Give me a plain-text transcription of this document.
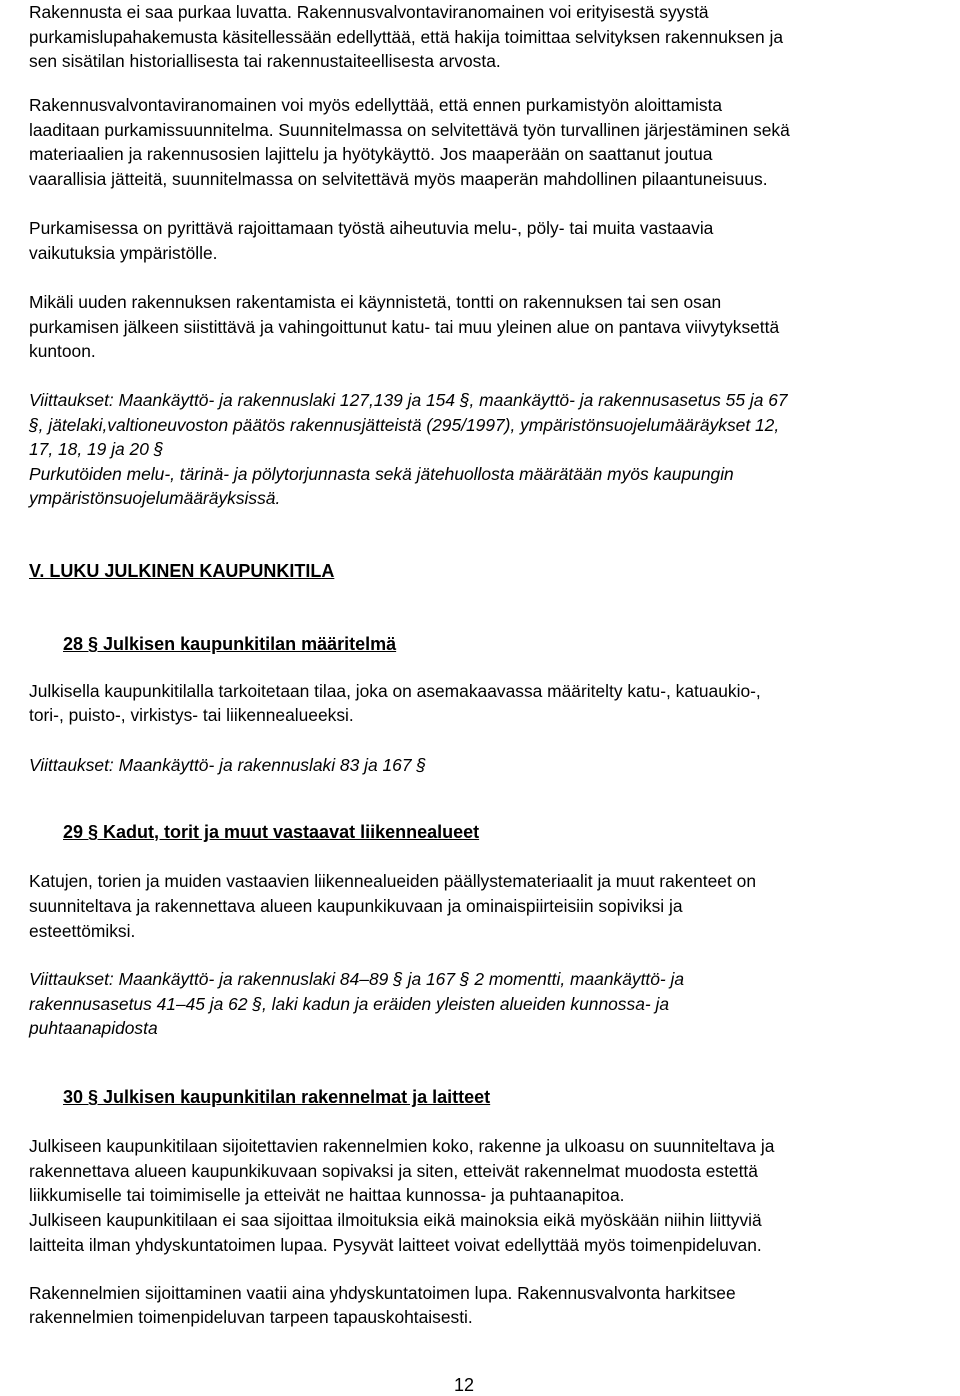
Rakennusta ei saa purkaa luvatta. Rakennusvalvontaviranomainen voi erityisestä syystä

purkamislupahakemusta käsitellessään edellyttää, että hakija toimittaa selvityksen rakennuksen ja

sen sisätilan historiallisesta tai rakennustaiteellisesta arvosta.

Rakennusvalvontaviranomainen voi myös edellyttää, että ennen purkamistyön aloittamista

laaditaan purkamissuunnitelma. Suunnitelmassa on selvitettävä työn turvallinen järjestäminen sekä

materiaalien ja rakennusosien lajittelu ja hyötykäyttö. Jos maaperään on saattanut joutua

vaarallisia jätteitä, suunnitelmassa on selvitettävä myös maaperän mahdollinen pilaantuneisuus.

Purkamisessa on pyrittävä rajoittamaan työstä aiheutuvia melu-, pöly- tai muita vastaavia

vaikutuksia ympäristölle.

Mikäli uuden rakennuksen rakentamista ei käynnistetä, tontti on rakennuksen tai sen osan

purkamisen jälkeen siistittävä ja vahingoittunut katu- tai muu yleinen alue on pantava viivytyksettä

kuntoon.

Viittaukset: Maankäyttö- ja rakennuslaki 127,139 ja 154 §, maankäyttö- ja rakennusasetus 55 ja 67

§, jätelaki,valtioneuvoston päätös rakennusjätteistä (295/1997), ympäristönsuojelumääräykset 12,

17, 18, 19 ja 20 §

Purkutöiden melu-, tärinä- ja pölytorjunnasta sekä jätehuollosta määrätään myös kaupungin

ympäristönsuojelumääräyksissä.

V. LUKU JULKINEN KAUPUNKITILA

28 § Julkisen kaupunkitilan määritelmä

Julkisella kaupunkitilalla tarkoitetaan tilaa, joka on asemakaavassa määritelty katu-, katuaukio-,

tori-, puisto-, virkistys- tai liikennealueeksi.

Viittaukset: Maankäyttö- ja rakennuslaki 83 ja 167 §

29 § Kadut, torit ja muut vastaavat liikennealueet

Katujen, torien ja muiden vastaavien liikennealueiden päällystemateriaalit ja muut rakenteet on

suunniteltava ja rakennettava alueen kaupunkikuvaan ja ominaispiirteisiin sopiviksi ja

esteettömiksi.

Viittaukset: Maankäyttö- ja rakennuslaki 84–89 § ja 167 § 2 momentti, maankäyttö- ja

rakennusasetus 41–45 ja 62 §, laki kadun ja eräiden yleisten alueiden kunnossa- ja

puhtaanapidosta

30 § Julkisen kaupunkitilan rakennelmat ja laitteet

Julkiseen kaupunkitilaan sijoitettavien rakennelmien koko, rakenne ja ulkoasu on suunniteltava ja

rakennettava alueen kaupunkikuvaan sopivaksi ja siten, etteivät rakennelmat muodosta estettä

liikkumiselle tai toimimiselle ja etteivät ne haittaa kunnossa- ja puhtaanapitoa.

Julkiseen kaupunkitilaan ei saa sijoittaa ilmoituksia eikä mainoksia eikä myöskään niihin liittyviä

laitteita ilman yhdyskuntatoimen lupaa. Pysyvät laitteet voivat edellyttää myös toimenpideluvan.

Rakennelmien sijoittaminen vaatii aina yhdyskuntatoimen lupa. Rakennusvalvonta harkitsee

rakennelmien toimenpideluvan tarpeen tapauskohtaisesti.

12
